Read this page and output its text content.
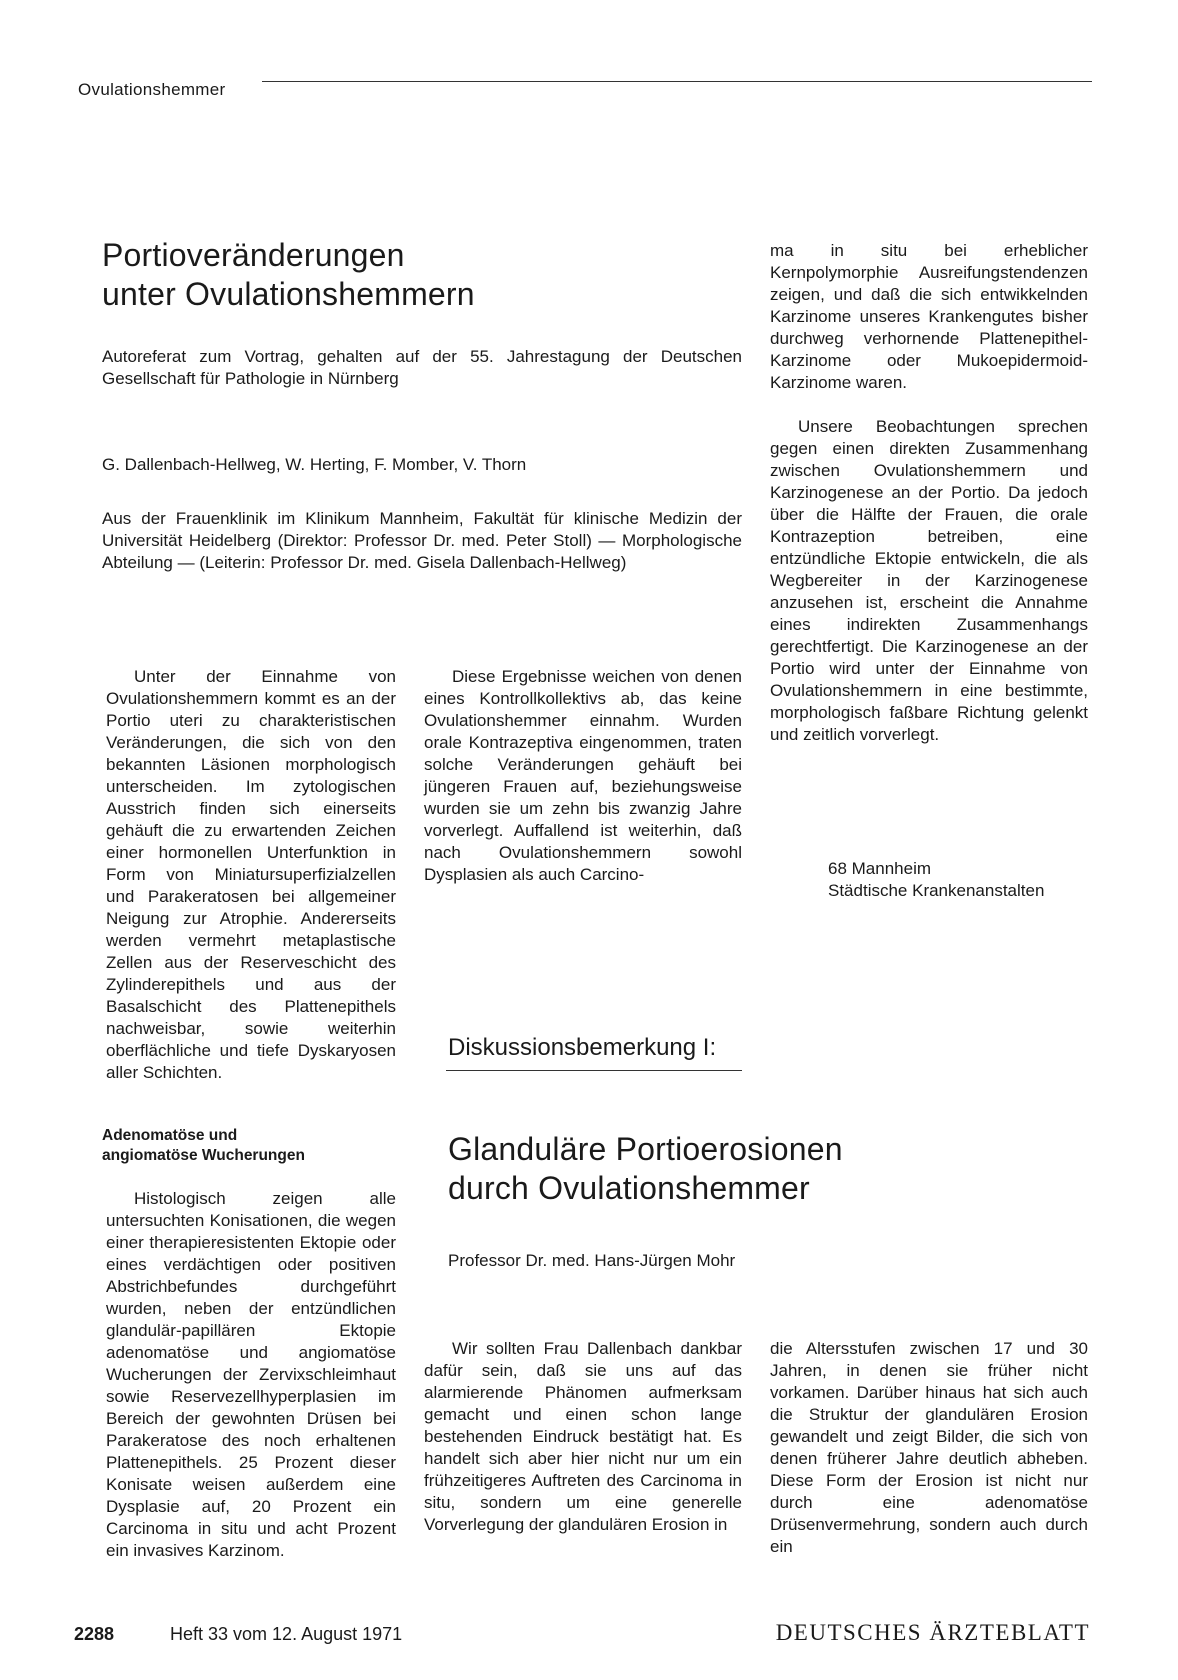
Ovulationshemmer
Portioveränderungen
unter Ovulationshemmern
Autoreferat zum Vortrag, gehalten auf der 55. Jahrestagung der Deutschen Gesellschaft für Pathologie in Nürnberg
G. Dallenbach-Hellweg, W. Herting, F. Momber, V. Thorn
Aus der Frauenklinik im Klinikum Mannheim, Fakultät für klinische Medizin der Universität Heidelberg (Direktor: Professor Dr. med. Peter Stoll) — Morphologische Abteilung — (Leiterin: Professor Dr. med. Gisela Dallenbach-Hellweg)

Unter der Einnahme von Ovulationshemmern kommt es an der Portio uteri zu charakteristischen Veränderungen, die sich von den bekannten Läsionen morphologisch unterscheiden. Im zytologischen Ausstrich finden sich einerseits gehäuft die zu erwartenden Zeichen einer hormonellen Unterfunktion in Form von Miniatursuperfizialzellen und Parakeratosen bei allgemeiner Neigung zur Atrophie. Andererseits werden vermehrt metaplastische Zellen aus der Reserveschicht des Zylinderepithels und aus der Basalschicht des Plattenepithels nachweisbar, sowie weiterhin oberflächliche und tiefe Dyskaryosen aller Schichten.

Adenomatöse und
angiomatöse Wucherungen

Histologisch zeigen alle untersuchten Konisationen, die wegen einer therapieresistenten Ektopie oder eines verdächtigen oder positiven Abstrichbefundes durchgeführt wurden, neben der entzündlichen glandulär-papillären Ektopie adenomatöse und angiomatöse Wucherungen der Zervixschleimhaut sowie Reservezellhyperplasien im Bereich der gewohnten Drüsen bei Parakeratose des noch erhaltenen Plattenepithels. 25 Prozent dieser Konisate weisen außerdem eine Dysplasie auf, 20 Prozent ein Carcinoma in situ und acht Prozent ein invasives Karzinom.

Diese Ergebnisse weichen von denen eines Kontrollkollektivs ab, das keine Ovulationshemmer einnahm. Wurden orale Kontrazeptiva eingenommen, traten solche Veränderungen gehäuft bei jüngeren Frauen auf, beziehungsweise wurden sie um zehn bis zwanzig Jahre vorverlegt. Auffallend ist weiterhin, daß nach Ovulationshemmern sowohl Dysplasien als auch Carcino-

ma in situ bei erheblicher Kernpolymorphie Ausreifungstendenzen zeigen, und daß die sich entwikkelnden Karzinome unseres Krankengutes bisher durchweg verhornende Plattenepithel-Karzinome oder Mukoepidermoid-Karzinome waren.

Unsere Beobachtungen sprechen gegen einen direkten Zusammenhang zwischen Ovulationshemmern und Karzinogenese an der Portio. Da jedoch über die Hälfte der Frauen, die orale Kontrazeption betreiben, eine entzündliche Ektopie entwickeln, die als Wegbereiter in der Karzinogenese anzusehen ist, erscheint die Annahme eines indirekten Zusammenhangs gerechtfertigt. Die Karzinogenese an der Portio wird unter der Einnahme von Ovulationshemmern in eine bestimmte, morphologisch faßbare Richtung gelenkt und zeitlich vorverlegt.

68 Mannheim
Städtische Krankenanstalten
Diskussionsbemerkung I:
Glanduläre Portioerosionen
durch Ovulationshemmer
Professor Dr. med. Hans-Jürgen Mohr

Wir sollten Frau Dallenbach dankbar dafür sein, daß sie uns auf das alarmierende Phänomen aufmerksam gemacht und einen schon lange bestehenden Eindruck bestätigt hat. Es handelt sich aber hier nicht nur um ein frühzeitigeres Auftreten des Carcinoma in situ, sondern um eine generelle Vorverlegung der glandulären Erosion in

die Altersstufen zwischen 17 und 30 Jahren, in denen sie früher nicht vorkamen. Darüber hinaus hat sich auch die Struktur der glandulären Erosion gewandelt und zeigt Bilder, die sich von denen früherer Jahre deutlich abheben. Diese Form der Erosion ist nicht nur durch eine adenomatöse Drüsenvermehrung, sondern auch durch ein

2288	Heft 33 vom 12. August 1971	DEUTSCHES ÄRZTEBLATT
